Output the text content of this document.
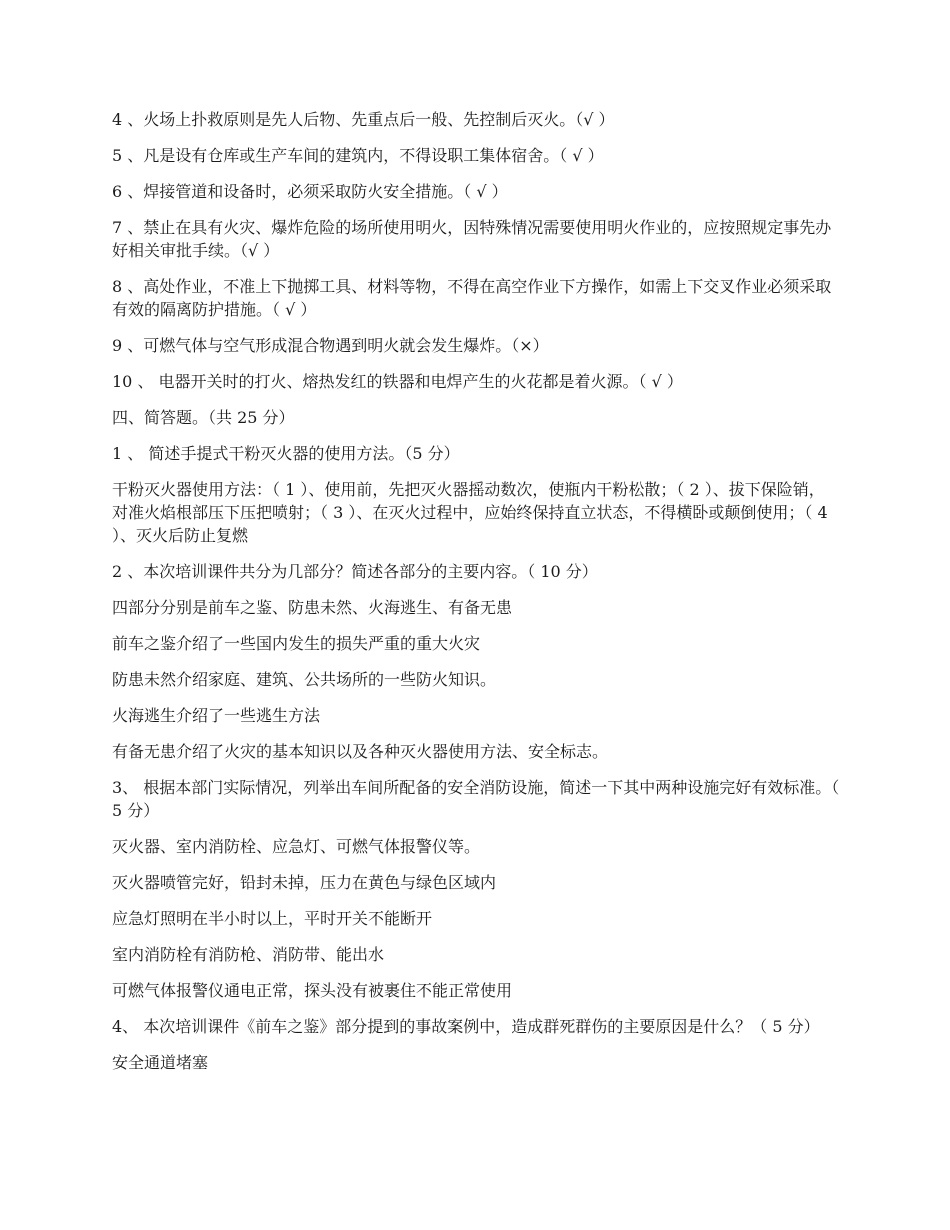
4 、火场上扑救原则是先人后物、先重点后一般、先控制后灭火。（√ ）

5 、凡是设有仓库或生产车间的建筑内，不得设职工集体宿舍。（ √ ）

6 、焊接管道和设备时，必须采取防火安全措施。（ √ ）

7 、禁止在具有火灾、爆炸危险的场所使用明火，因特殊情况需要使用明火作业的，应按照规定事先办好相关审批手续。（√ ）

8 、高处作业，不准上下抛掷工具、材料等物，不得在高空作业下方操作，如需上下交叉作业必须采取有效的隔离防护措施。（ √ ）

9 、可燃气体与空气形成混合物遇到明火就会发生爆炸。（×）

10 、 电器开关时的打火、熔热发红的铁器和电焊产生的火花都是着火源。（ √ ）

四、简答题。（共 25 分）

1 、 简述手提式干粉灭火器的使用方法。（5 分）

干粉灭火器使用方法：（ 1 ）、使用前，先把灭火器摇动数次，使瓶内干粉松散；（ 2 ）、拔下保险销，对准火焰根部压下压把喷射；（ 3 ）、在灭火过程中，应始终保持直立状态，不得横卧或颠倒使用；（ 4 ）、灭火后防止复燃

2 、本次培训课件共分为几部分？简述各部分的主要内容。（ 10 分）

四部分分别是前车之鉴、防患未然、火海逃生、有备无患

前车之鉴介绍了一些国内发生的损失严重的重大火灾

防患未然介绍家庭、建筑、公共场所的一些防火知识。

火海逃生介绍了一些逃生方法

有备无患介绍了火灾的基本知识以及各种灭火器使用方法、安全标志。

3、 根据本部门实际情况，列举出车间所配备的安全消防设施，简述一下其中两种设施完好有效标准。（ 5 分）

灭火器、室内消防栓、应急灯、可燃气体报警仪等。

灭火器喷管完好，铅封未掉，压力在黄色与绿色区域内

应急灯照明在半小时以上，平时开关不能断开

室内消防栓有消防枪、消防带、能出水

可燃气体报警仪通电正常，探头没有被裹住不能正常使用

4、 本次培训课件《前车之鉴》部分提到的事故案例中，造成群死群伤的主要原因是什么？（ 5 分）

安全通道堵塞
